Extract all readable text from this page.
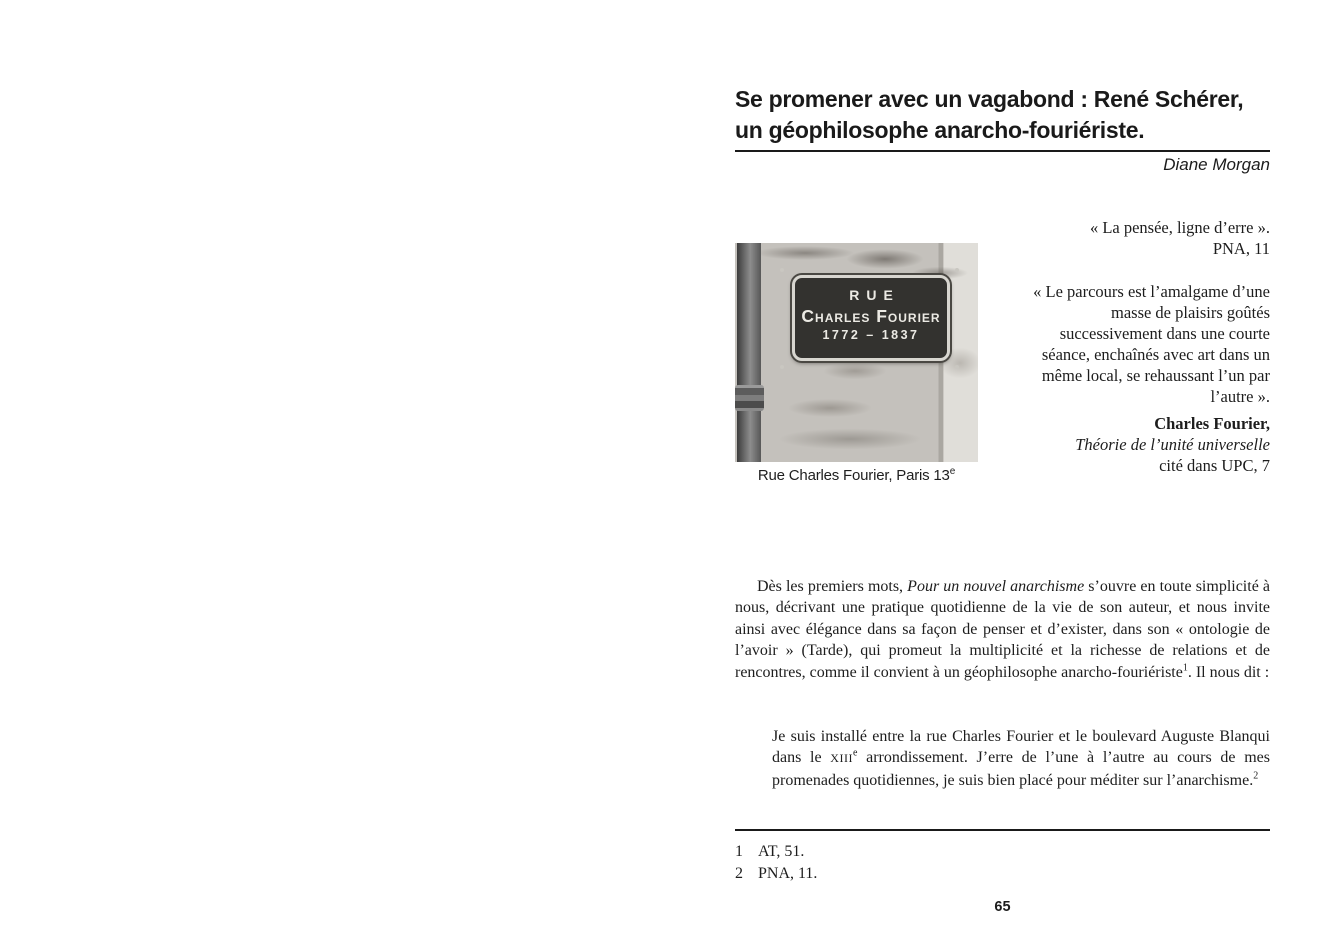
Se promener avec un vagabond : René Schérer,
un géophilosophe anarcho-fouriériste.
Diane Morgan
« La pensée, ligne d’erre ».
PNA, 11
RUE
Charles Fourier
1772 – 1837
Rue Charles Fourier, Paris 13e
« Le parcours est l’amalgame d’une masse de plaisirs goûtés successivement dans une courte séance, enchaînés avec art dans un même local, se rehaussant l’un par l’autre ».
Charles Fourier,
Théorie de l’unité universelle
cité dans UPC, 7
Dès les premiers mots, Pour un nouvel anarchisme s’ouvre en toute simplicité à nous, décrivant une pratique quotidienne de la vie de son auteur, et nous invite ainsi avec élégance dans sa façon de penser et d’exister, dans son « ontologie de l’avoir » (Tarde), qui promeut la multiplicité et la richesse de relations et de rencontres, comme il convient à un géophilosophe anarcho-fouriériste$^1$. Il nous dit :
Je suis installé entre la rue Charles Fourier et le boulevard Auguste Blanqui dans le XIIIe arrondissement. J’erre de l’une à l’autre au cours de mes promenades quotidiennes, je suis bien placé pour méditer sur l’anarchisme.$^2$
1 AT, 51.
2 PNA, 11.
65
